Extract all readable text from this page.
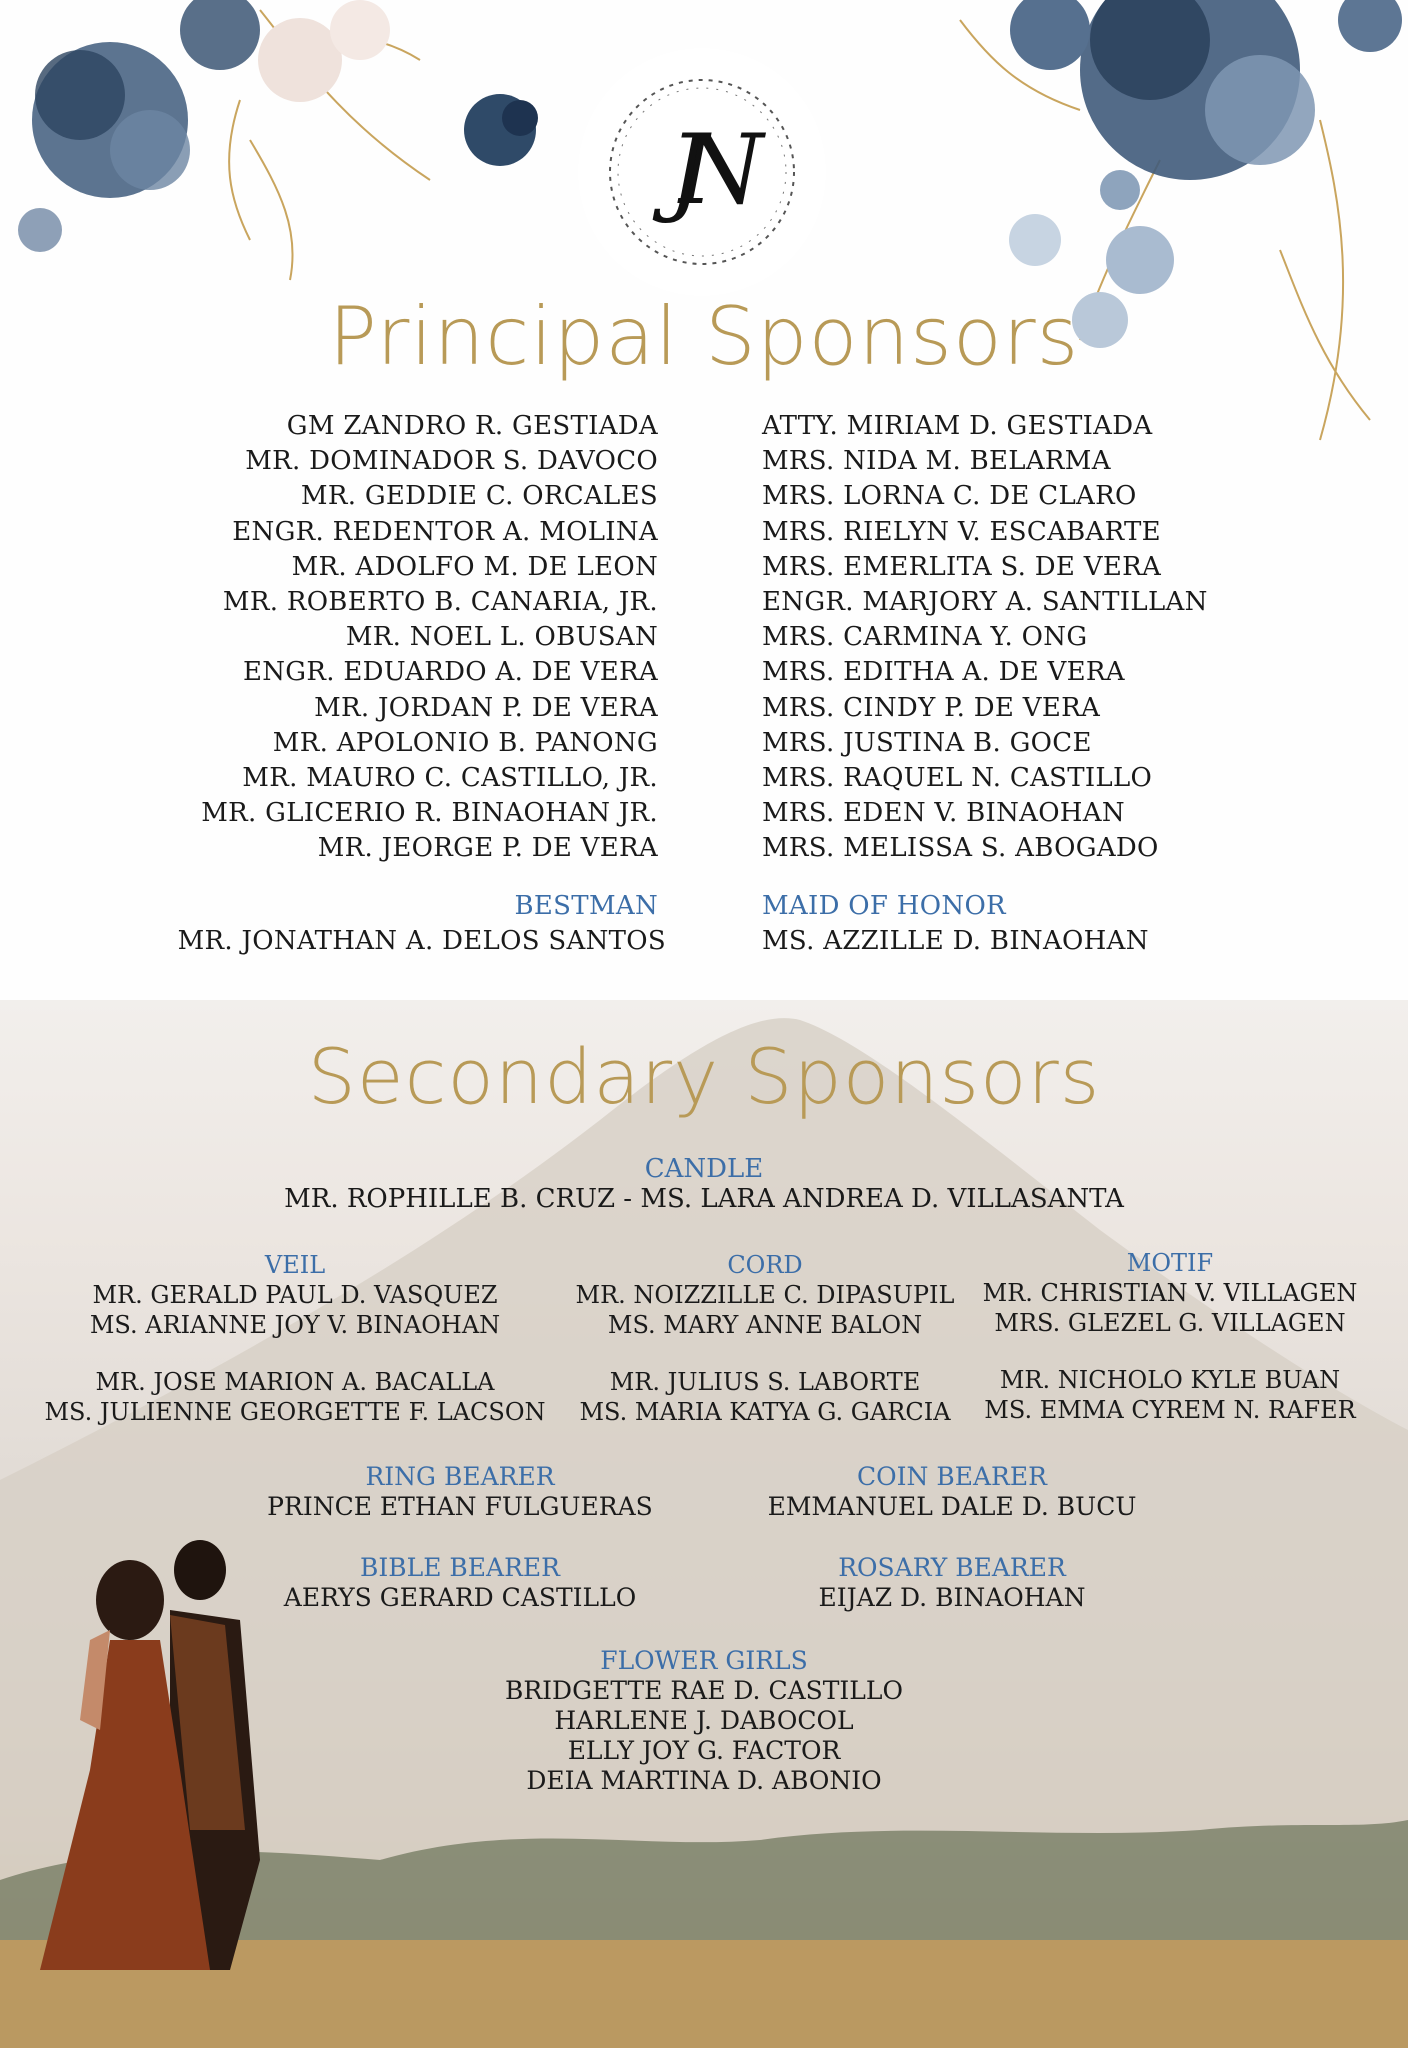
JN
Principal Sponsors
GM ZANDRO R. GESTIADA
MR. DOMINADOR S. DAVOCO
MR. GEDDIE C. ORCALES
ENGR. REDENTOR A. MOLINA
MR. ADOLFO M. DE LEON
MR. ROBERTO B. CANARIA, JR.
MR. NOEL L. OBUSAN
ENGR. EDUARDO A. DE VERA
MR. JORDAN P. DE VERA
MR. APOLONIO B. PANONG
MR. MAURO C. CASTILLO, JR.
MR. GLICERIO R. BINAOHAN JR.
MR. JEORGE P. DE VERA
ATTY. MIRIAM D. GESTIADA
MRS. NIDA M. BELARMA
MRS. LORNA C. DE CLARO
MRS. RIELYN V. ESCABARTE
MRS. EMERLITA S. DE VERA
ENGR. MARJORY A. SANTILLAN
MRS. CARMINA Y. ONG
MRS. EDITHA A. DE VERA
MRS. CINDY P. DE VERA
MRS. JUSTINA B. GOCE
MRS. RAQUEL N. CASTILLO
MRS. EDEN V. BINAOHAN
MRS. MELISSA S. ABOGADO
BESTMAN
MR. JONATHAN A. DELOS SANTOS
MAID OF HONOR
MS. AZZILLE D. BINAOHAN
Secondary Sponsors
CANDLE
MR. ROPHILLE B. CRUZ - MS. LARA ANDREA D. VILLASANTA
VEIL
MR. GERALD PAUL D. VASQUEZ
MS. ARIANNE JOY V. BINAOHAN
MR. JOSE MARION A. BACALLA
MS. JULIENNE GEORGETTE F. LACSON
CORD
MR. NOIZZILLE C. DIPASUPIL
MS. MARY ANNE BALON
MR. JULIUS S. LABORTE
MS. MARIA KATYA G. GARCIA
MOTIF
MR. CHRISTIAN V. VILLAGEN
MRS. GLEZEL G. VILLAGEN
MR. NICHOLO KYLE BUAN
MS. EMMA CYREM N. RAFER
RING BEARER
PRINCE ETHAN FULGUERAS
COIN BEARER
EMMANUEL DALE D. BUCU
BIBLE BEARER
AERYS GERARD CASTILLO
ROSARY BEARER
EIJAZ D. BINAOHAN
FLOWER GIRLS
BRIDGETTE RAE D. CASTILLO
HARLENE J. DABOCOL
ELLY JOY G. FACTOR
DEIA MARTINA D. ABONIO
